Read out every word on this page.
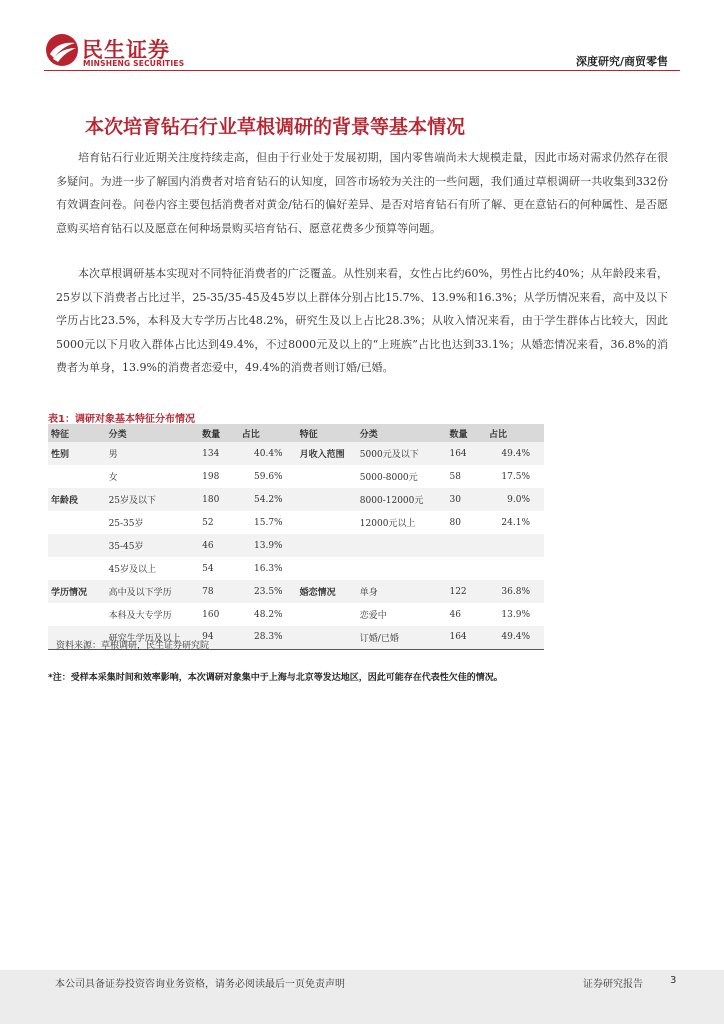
民生证券
MINSHENG SECURITIES	深度研究/商贸零售
本次培育钻石行业草根调研的背景等基本情况

培育钻石行业近期关注度持续走高，但由于行业处于发展初期，国内零售端尚未大规模走量，因此市场对需求仍然存在很多疑问。为进一步了解国内消费者对培育钻石的认知度，回答市场较为关注的一些问题，我们通过草根调研一共收集到332份有效调查问卷。问卷内容主要包括消费者对黄金/钻石的偏好差异、是否对培育钻石有所了解、更在意钻石的何种属性、是否愿意购买培育钻石以及愿意在何种场景购买培育钻石、愿意花费多少预算等问题。

本次草根调研基本实现对不同特征消费者的广泛覆盖。从性别来看，女性占比约60%，男性占比约40%；从年龄段来看，25岁以下消费者占比过半，25-35/35-45及45岁以上群体分别占比15.7%、13.9%和16.3%；从学历情况来看，高中及以下学历占比23.5%，本科及大专学历占比48.2%，研究生及以上占比28.3%；从收入情况来看，由于学生群体占比较大，因此5000元以下月收入群体占比达到49.4%，不过8000元及以上的“上班族”占比也达到33.1%；从婚恋情况来看，36.8%的消费者为单身，13.9%的消费者恋爱中，49.4%的消费者则订婚/已婚。

表1：调研对象基本特征分布情况
特征	分类	数量	占比	特征	分类	数量	占比
性别	男	134	40.4%	月收入范围	5000元及以下	164	49.4%
	女	198	59.6%		5000-8000元	58	17.5%
年龄段	25岁及以下	180	54.2%		8000-12000元	30	9.0%
	25-35岁	52	15.7%		12000元以上	80	24.1%
	35-45岁	46	13.9%				
	45岁及以上	54	16.3%				
学历情况	高中及以下学历	78	23.5%	婚恋情况	单身	122	36.8%
	本科及大专学历	160	48.2%		恋爱中	46	13.9%
	研究生学历及以上	94	28.3%		订婚/已婚	164	49.4%
资料来源：草根调研，民生证券研究院
*注：受样本采集时间和效率影响，本次调研对象集中于上海与北京等发达地区，因此可能存在代表性欠佳的情况。
本公司具备证券投资咨询业务资格，请务必阅读最后一页免责声明	证券研究报告	3
